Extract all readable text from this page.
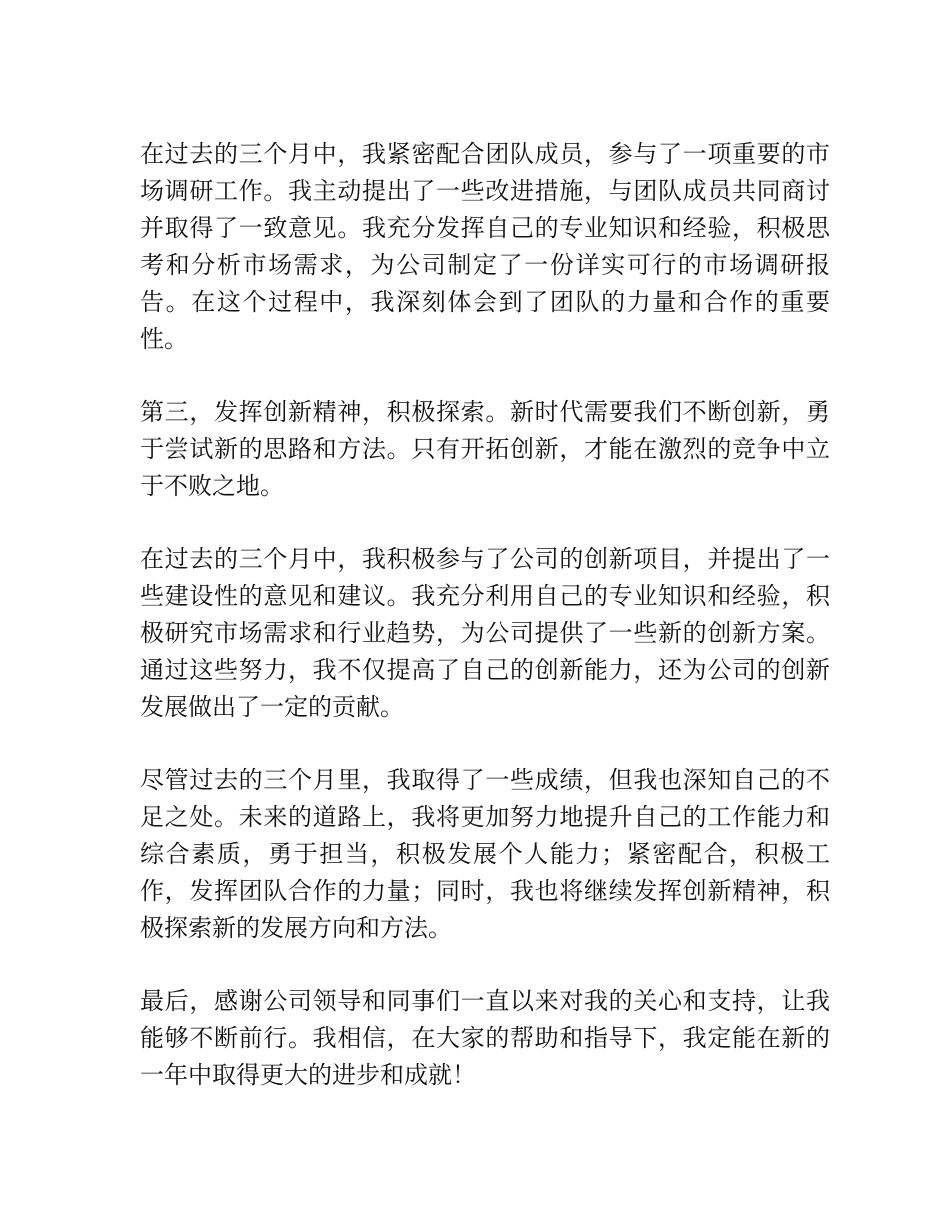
在过去的三个月中，我紧密配合团队成员，参与了一项重要的市场调研工作。我主动提出了一些改进措施，与团队成员共同商讨并取得了一致意见。我充分发挥自己的专业知识和经验，积极思考和分析市场需求，为公司制定了一份详实可行的市场调研报告。在这个过程中，我深刻体会到了团队的力量和合作的重要性。

第三，发挥创新精神，积极探索。新时代需要我们不断创新，勇于尝试新的思路和方法。只有开拓创新，才能在激烈的竞争中立于不败之地。

在过去的三个月中，我积极参与了公司的创新项目，并提出了一些建设性的意见和建议。我充分利用自己的专业知识和经验，积极研究市场需求和行业趋势，为公司提供了一些新的创新方案。通过这些努力，我不仅提高了自己的创新能力，还为公司的创新发展做出了一定的贡献。

尽管过去的三个月里，我取得了一些成绩，但我也深知自己的不足之处。未来的道路上，我将更加努力地提升自己的工作能力和综合素质，勇于担当，积极发展个人能力；紧密配合，积极工作，发挥团队合作的力量；同时，我也将继续发挥创新精神，积极探索新的发展方向和方法。

最后，感谢公司领导和同事们一直以来对我的关心和支持，让我能够不断前行。我相信，在大家的帮助和指导下，我定能在新的一年中取得更大的进步和成就！
